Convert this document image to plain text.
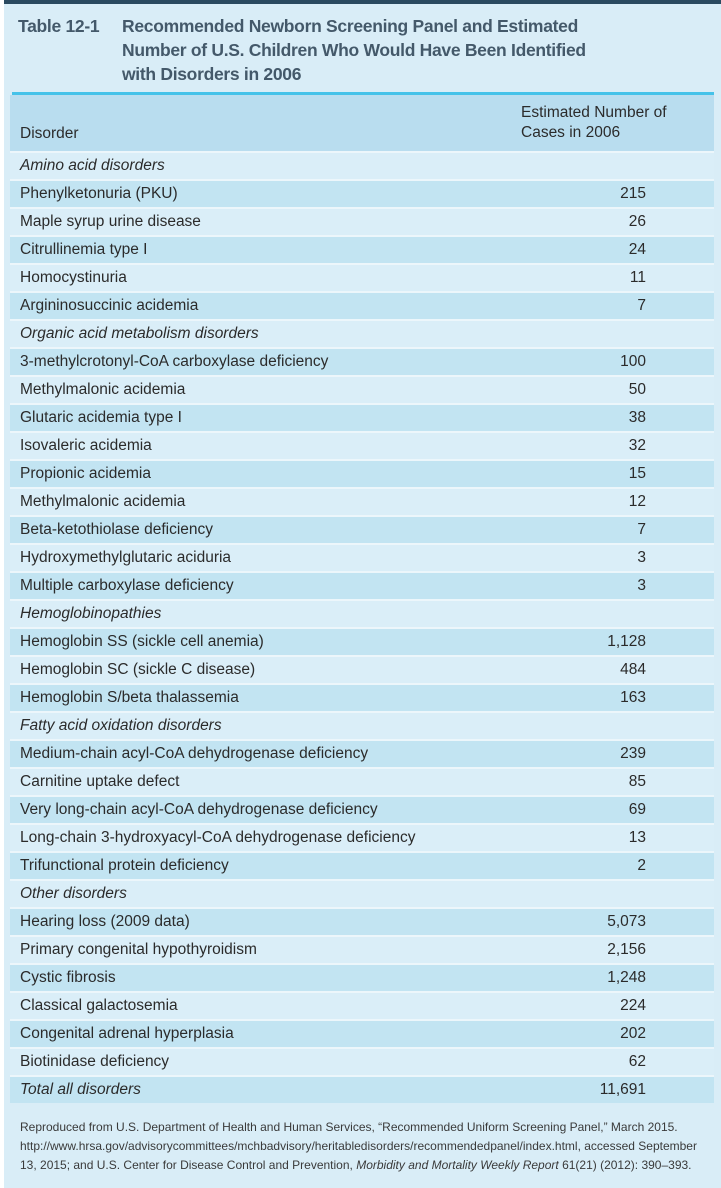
Table 12-1	Recommended Newborn Screening Panel and Estimated Number of U.S. Children Who Would Have Been Identified with Disorders in 2006
Disorder
Estimated Number of Cases in 2006
Amino acid disorders
Phenylketonuria (PKU)	215
Maple syrup urine disease	26
Citrullinemia type I	24
Homocystinuria	11
Argininosuccinic acidemia	7
Organic acid metabolism disorders
3-methylcrotonyl-CoA carboxylase deficiency	100
Methylmalonic acidemia	50
Glutaric acidemia type I	38
Isovaleric acidemia	32
Propionic acidemia	15
Methylmalonic acidemia	12
Beta-ketothiolase deficiency	7
Hydroxymethylglutaric aciduria	3
Multiple carboxylase deficiency	3
Hemoglobinopathies
Hemoglobin SS (sickle cell anemia)	1,128
Hemoglobin SC (sickle C disease)	484
Hemoglobin S/beta thalassemia	163
Fatty acid oxidation disorders
Medium-chain acyl-CoA dehydrogenase deficiency	239
Carnitine uptake defect	85
Very long-chain acyl-CoA dehydrogenase deficiency	69
Long-chain 3-hydroxyacyl-CoA dehydrogenase deficiency	13
Trifunctional protein deficiency	2
Other disorders
Hearing loss (2009 data)	5,073
Primary congenital hypothyroidism	2,156
Cystic fibrosis	1,248
Classical galactosemia	224
Congenital adrenal hyperplasia	202
Biotinidase deficiency	62
Total all disorders	11,691
Reproduced from U.S. Department of Health and Human Services, “Recommended Uniform Screening Panel,” March 2015. http://www.hrsa.gov/advisorycommittees/mchbadvisory/heritabledisorders/recommendedpanel/index.html, accessed September 13, 2015; and U.S. Center for Disease Control and Prevention, Morbidity and Mortality Weekly Report 61(21) (2012): 390–393.
